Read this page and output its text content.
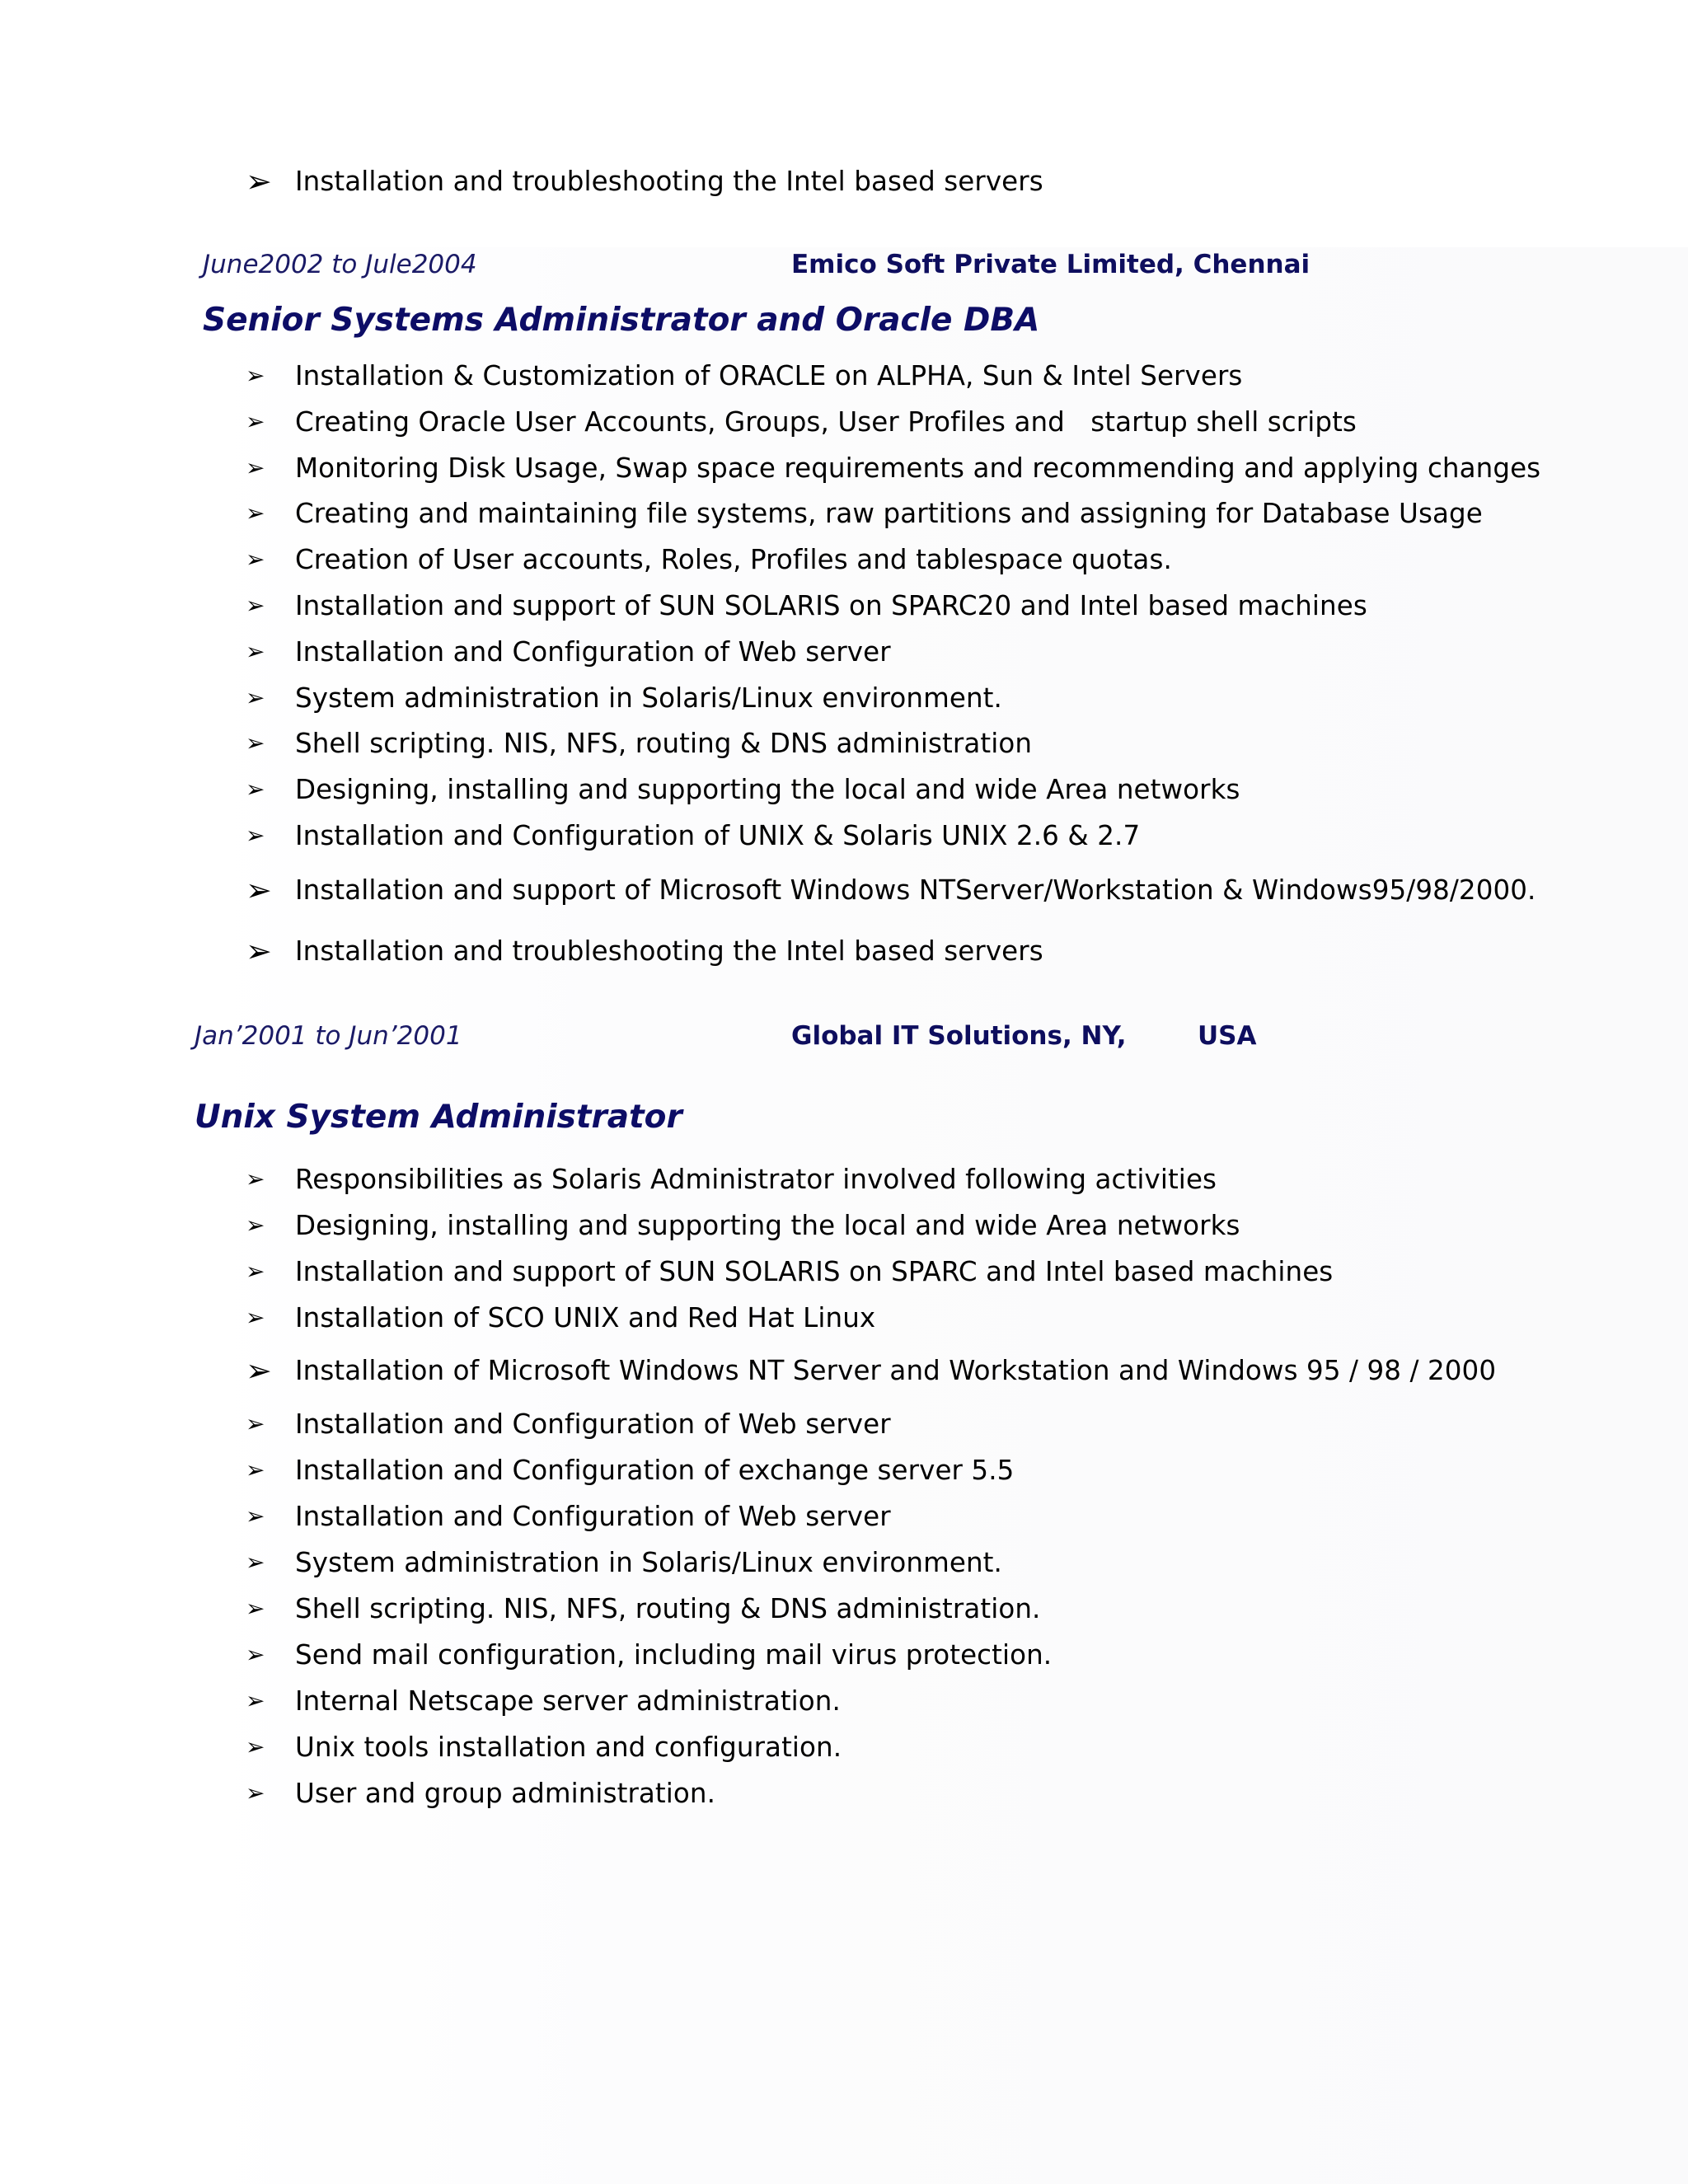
➢ Installation and troubleshooting the Intel based servers
June2002 to Jule2004	Emico Soft Private Limited, Chennai
Senior Systems Administrator and Oracle DBA
➢	Installation & Customization of ORACLE on ALPHA, Sun & Intel Servers
➢	Creating Oracle User Accounts, Groups, User Profiles and   startup shell scripts
➢	Monitoring Disk Usage, Swap space requirements and recommending and applying changes
➢	Creating and maintaining file systems, raw partitions and assigning for Database Usage
➢	Creation of User accounts, Roles, Profiles and tablespace quotas.
➢	Installation and support of SUN SOLARIS on SPARC20 and Intel based machines
➢	Installation and Configuration of Web server
➢	System administration in Solaris/Linux environment.
➢	Shell scripting. NIS, NFS, routing & DNS administration
➢	Designing, installing and supporting the local and wide Area networks
➢	Installation and Configuration of UNIX & Solaris UNIX 2.6 & 2.7
➢ Installation and support of Microsoft Windows NTServer/Workstation & Windows95/98/2000.
➢ Installation and troubleshooting the Intel based servers
Jan’2001 to Jun’2001	Global IT Solutions, NY,	USA
Unix System Administrator
➢	Responsibilities as Solaris Administrator involved following activities
➢	Designing, installing and supporting the local and wide Area networks
➢	Installation and support of SUN SOLARIS on SPARC and Intel based machines
➢	Installation of SCO UNIX and Red Hat Linux
➢ Installation of Microsoft Windows NT Server and Workstation and Windows 95 / 98 / 2000
➢	Installation and Configuration of Web server
➢	Installation and Configuration of exchange server 5.5
➢	Installation and Configuration of Web server
➢	System administration in Solaris/Linux environment.
➢	Shell scripting. NIS, NFS, routing & DNS administration.
➢	Send mail configuration, including mail virus protection.
➢	Internal Netscape server administration.
➢	Unix tools installation and configuration.
➢	User and group administration.
